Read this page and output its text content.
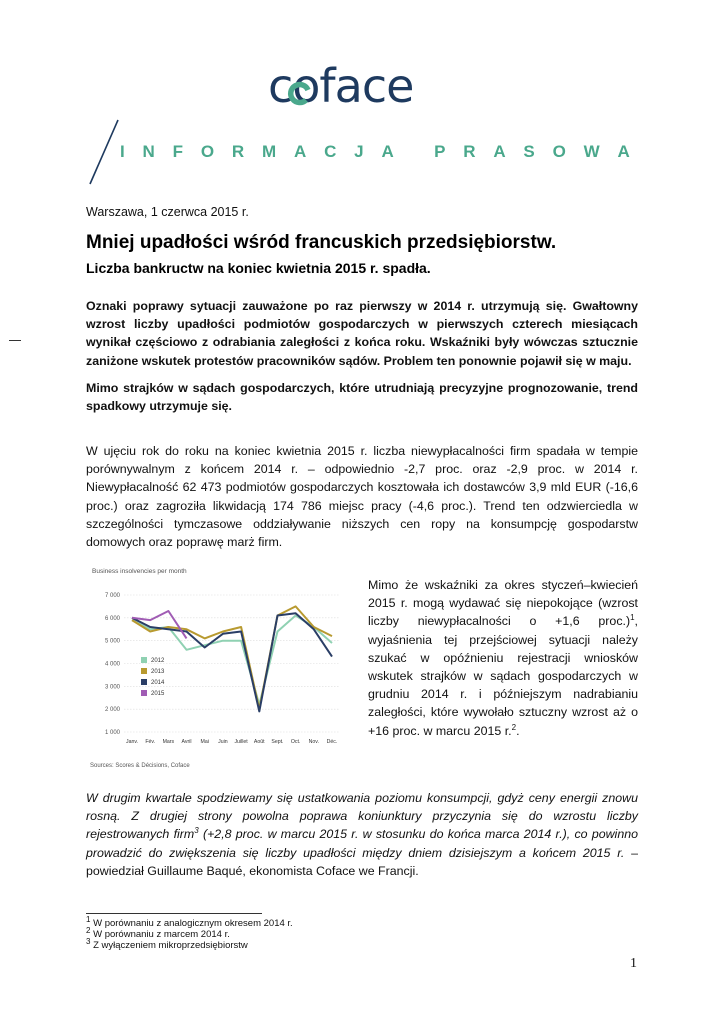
coface
I N F O R M A C J A
P R A S O W A
Warszawa, 1 czerwca 2015 r.
Mniej upadłości wśród francuskich przedsiębiorstw.
Liczba bankructw na koniec kwietnia 2015 r. spadła.
Oznaki poprawy sytuacji zauważone po raz pierwszy w 2014 r. utrzymują się. Gwałtowny wzrost liczby upadłości podmiotów gospodarczych w pierwszych czterech miesiącach wynikał częściowo z odrabiania zaległości z końca roku. Wskaźniki były wówczas sztucznie zaniżone wskutek protestów pracowników sądów. Problem ten ponownie pojawił się w maju.
Mimo strajków w sądach gospodarczych, które utrudniają precyzyjne prognozowanie, trend spadkowy utrzymuje się.
W ujęciu rok do roku na koniec kwietnia 2015 r. liczba niewypłacalności firm spadała w tempie porównywalnym z końcem 2014 r. – odpowiednio -2,7 proc. oraz -2,9 proc. w 2014 r. Niewypłacalność 62 473 podmiotów gospodarczych kosztowała ich dostawców 3,9 mld EUR (-16,6 proc.) oraz zagroziła likwidacją 174 786 miejsc pracy (-4,6 proc.). Trend ten odzwierciedla w szczególności tymczasowe oddziaływanie niższych cen ropy na konsumpcję gospodarstw domowych oraz poprawę marż firm.
Business insolvencies per month
7 000
6 000
5 000
4 000
3 000
2 000
1 000
Janv. Fév. Mars Avril Mai Juin Juillet Août Sept. Oct. Nov. Déc.
2012
2013
2014
2015
Sources: Scores & Décisions, Coface
Mimo że wskaźniki za okres styczeń–kwiecień 2015 r. mogą wydawać się niepokojące (wzrost liczby niewypłacalności o +1,6 proc.)$^1$, wyjaśnienia tej przejściowej sytuacji należy szukać w opóźnieniu rejestracji wniosków wskutek strajków w sądach gospodarczych w grudniu 2014 r. i późniejszym nadrabianiu zaległości, które wywołało sztuczny wzrost aż o +16 proc. w marcu 2015 r.$^2$.
W drugim kwartale spodziewamy się ustatkowania poziomu konsumpcji, gdyż ceny energii znowu rosną. Z drugiej strony powolna poprawa koniunktury przyczynia się do wzrostu liczby rejestrowanych firm$^3$ (+2,8 proc. w marcu 2015 r. w stosunku do końca marca 2014 r.), co powinno prowadzić do zwiększenia się liczby upadłości między dniem dzisiejszym a końcem 2015 r. – powiedział Guillaume Baqué, ekonomista Coface we Francji.
$^1$ W porównaniu z analogicznym okresem 2014 r.
$^2$ W porównaniu z marcem 2014 r.
$^3$ Z wyłączeniem mikroprzedsiębiorstw
1
